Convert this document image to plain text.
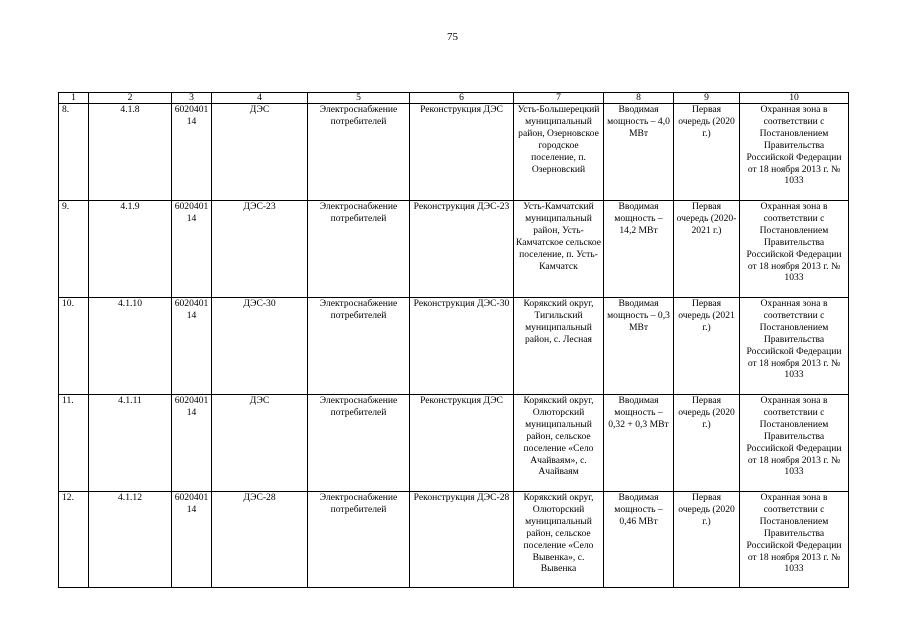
75
1	2	3	4	5	6	7	8	9	10
8.	4.1.8	6020401 14	ДЭС	Электроснабжение потребителей	Реконструкция ДЭС	Усть-Большерецкий муниципальный район, Озерновское городское поселение, п. Озерновский	Вводимая мощность – 4,0 МВт	Первая очередь (2020 г.)	Охранная зона в соответствии с Постановлением Правительства Российской Федерации от 18 ноября 2013 г. № 1033
9.	4.1.9	6020401 14	ДЭС-23	Электроснабжение потребителей	Реконструкция ДЭС-23	Усть-Камчатский муниципальный район, Усть-Камчатское сельское поселение, п. Усть-Камчатск	Вводимая мощность – 14,2 МВт	Первая очередь (2020-2021 г.)	Охранная зона в соответствии с Постановлением Правительства Российской Федерации от 18 ноября 2013 г. № 1033
10.	4.1.10	6020401 14	ДЭС-30	Электроснабжение потребителей	Реконструкция ДЭС-30	Корякский округ, Тигильский муниципальный район, с. Лесная	Вводимая мощность – 0,3 МВт	Первая очередь (2021 г.)	Охранная зона в соответствии с Постановлением Правительства Российской Федерации от 18 ноября 2013 г. № 1033
11.	4.1.11	6020401 14	ДЭС	Электроснабжение потребителей	Реконструкция ДЭС	Корякский округ, Олюторский муниципальный район, сельское поселение «Село Ачайваям», с. Ачайваям	Вводимая мощность – 0,32 + 0,3 МВт	Первая очередь (2020 г.)	Охранная зона в соответствии с Постановлением Правительства Российской Федерации от 18 ноября 2013 г. № 1033
12.	4.1.12	6020401 14	ДЭС-28	Электроснабжение потребителей	Реконструкция ДЭС-28	Корякский округ, Олюторский муниципальный район, сельское поселение «Село Вывенка», с. Вывенка	Вводимая мощность – 0,46 МВт	Первая очередь (2020 г.)	Охранная зона в соответствии с Постановлением Правительства Российской Федерации от 18 ноября 2013 г. № 1033
